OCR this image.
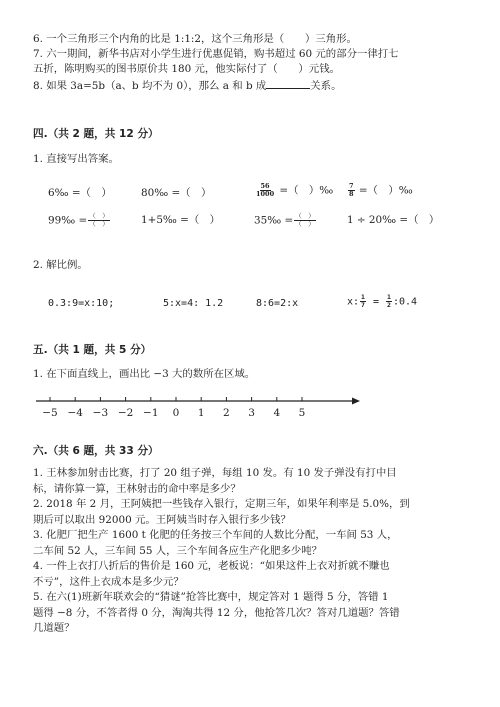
6. 一个三角形三个内角的比是 1:1:2，这个三角形是（　　）三角形。
7. 六一期间，新华书店对小学生进行优惠促销，购书超过 60 元的部分一律打七
五折，陈明购买的图书原价共 180 元，他实际付了（　　）元钱。
8. 如果 3a=5b（a、b 均不为 0），那么 a 和 b 成	关系。
四.（共 2 题，共 12 分）
1. 直接写出答案。
6‰ =（　）	80‰ =（　）	$\frac{56}{1000}$ =（　）‰ $\frac{7}{8}$ =（　）‰
99‰ = $\frac{( )}{( )}$	1+5‰ =（　）	35‰ = $\frac{( )}{( )}$	1 ÷ 20‰ =（　）
2. 解比例。
0.3:9=x:10;	5:x=4: 1.2	8:6=2:x	x: $\frac{1}{7} = \frac{1}{2}$ :0.4
五.（共 1 题，共 5 分）
1. 在下面直线上，画出比 −3 大的数所在区域。
−5 −4 −3 −2 −1 0 1 2 3 4 5
六.（共 6 题，共 33 分）
1. 王林参加射击比赛，打了 20 组子弹，每组 10 发。有 10 发子弹没有打中目
标，请你算一算，王林射击的命中率是多少？
2. 2018 年 2 月，王阿姨把一些钱存入银行，定期三年，如果年利率是 5.0%，到
期后可以取出 92000 元。王阿姨当时存入银行多少钱？
3. 化肥厂把生产 1600 t 化肥的任务按三个车间的人数比分配，一车间 53 人，
二车间 52 人，三车间 55 人，三个车间各应生产化肥多少吨？
4. 一件上衣打八折后的售价是 160 元，老板说：“如果这件上衣对折就不赚也
不亏”，这件上衣成本是多少元？
5. 在六(1)班新年联欢会的“猜谜”抢答比赛中，规定答对 1 题得 5 分，答错 1
题得 −8 分，不答者得 0 分，淘淘共得 12 分，他抢答几次？答对几道题？答错
几道题？
